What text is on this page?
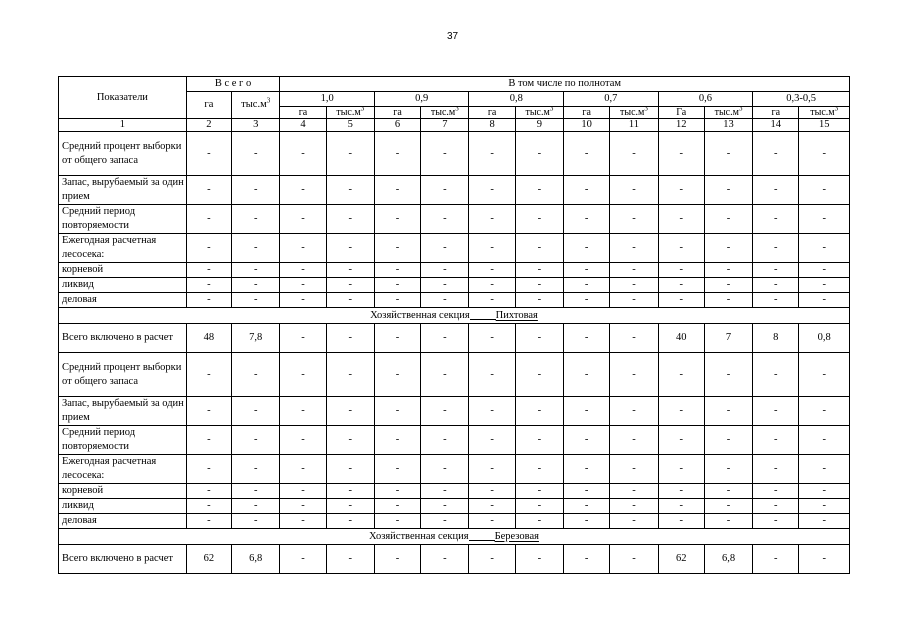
37
Показатели	В с е г о		В том числе по полнотам											
	га	$тыс.м^3$	1,0		0,9		0,8		0,7		0,6		0,3-0,5	
			га	$тыс.м^3$	га	$тыс.м^3$	га	$тыс.м^3$	га	$тыс.м^3$	Га	$тыс.м^3$	га	$тыс.м^3$
1	2	3	4	5	6	7	8	9	10	11	12	13	14	15
Средний процент выборки от общего запаса	-	-	-	-	-	-	-	-	-	-	-	-	-	-
Запас, вырубаемый за один прием	-	-	-	-	-	-	-	-	-	-	-	-	-	-
Средний период повторяемости	-	-	-	-	-	-	-	-	-	-	-	-	-	-
Ежегодная расчетная лесосека:	-	-	-	-	-	-	-	-	-	-	-	-	-	-
корневой	-	-	-	-	-	-	-	-	-	-	-	-	-	-
ликвид	-	-	-	-	-	-	-	-	-	-	-	-	-	-
деловая	-	-	-	-	-	-	-	-	-	-	-	-	-	-
Хозяйственная секция Пихтовая														
Всего включено в расчет	48	7,8	-	-	-	-	-	-	-	-	40	7	8	0,8
Средний процент выборки от общего запаса	-	-	-	-	-	-	-	-	-	-	-	-	-	-
Запас, вырубаемый за один прием	-	-	-	-	-	-	-	-	-	-	-	-	-	-
Средний период повторяемости	-	-	-	-	-	-	-	-	-	-	-	-	-	-
Ежегодная расчетная лесосека:	-	-	-	-	-	-	-	-	-	-	-	-	-	-
корневой	-	-	-	-	-	-	-	-	-	-	-	-	-	-
ликвид	-	-	-	-	-	-	-	-	-	-	-	-	-	-
деловая	-	-	-	-	-	-	-	-	-	-	-	-	-	-
Хозяйственная секция Березовая														
Всего включено в расчет	62	6,8	-	-	-	-	-	-	-	-	62	6,8	-	-
